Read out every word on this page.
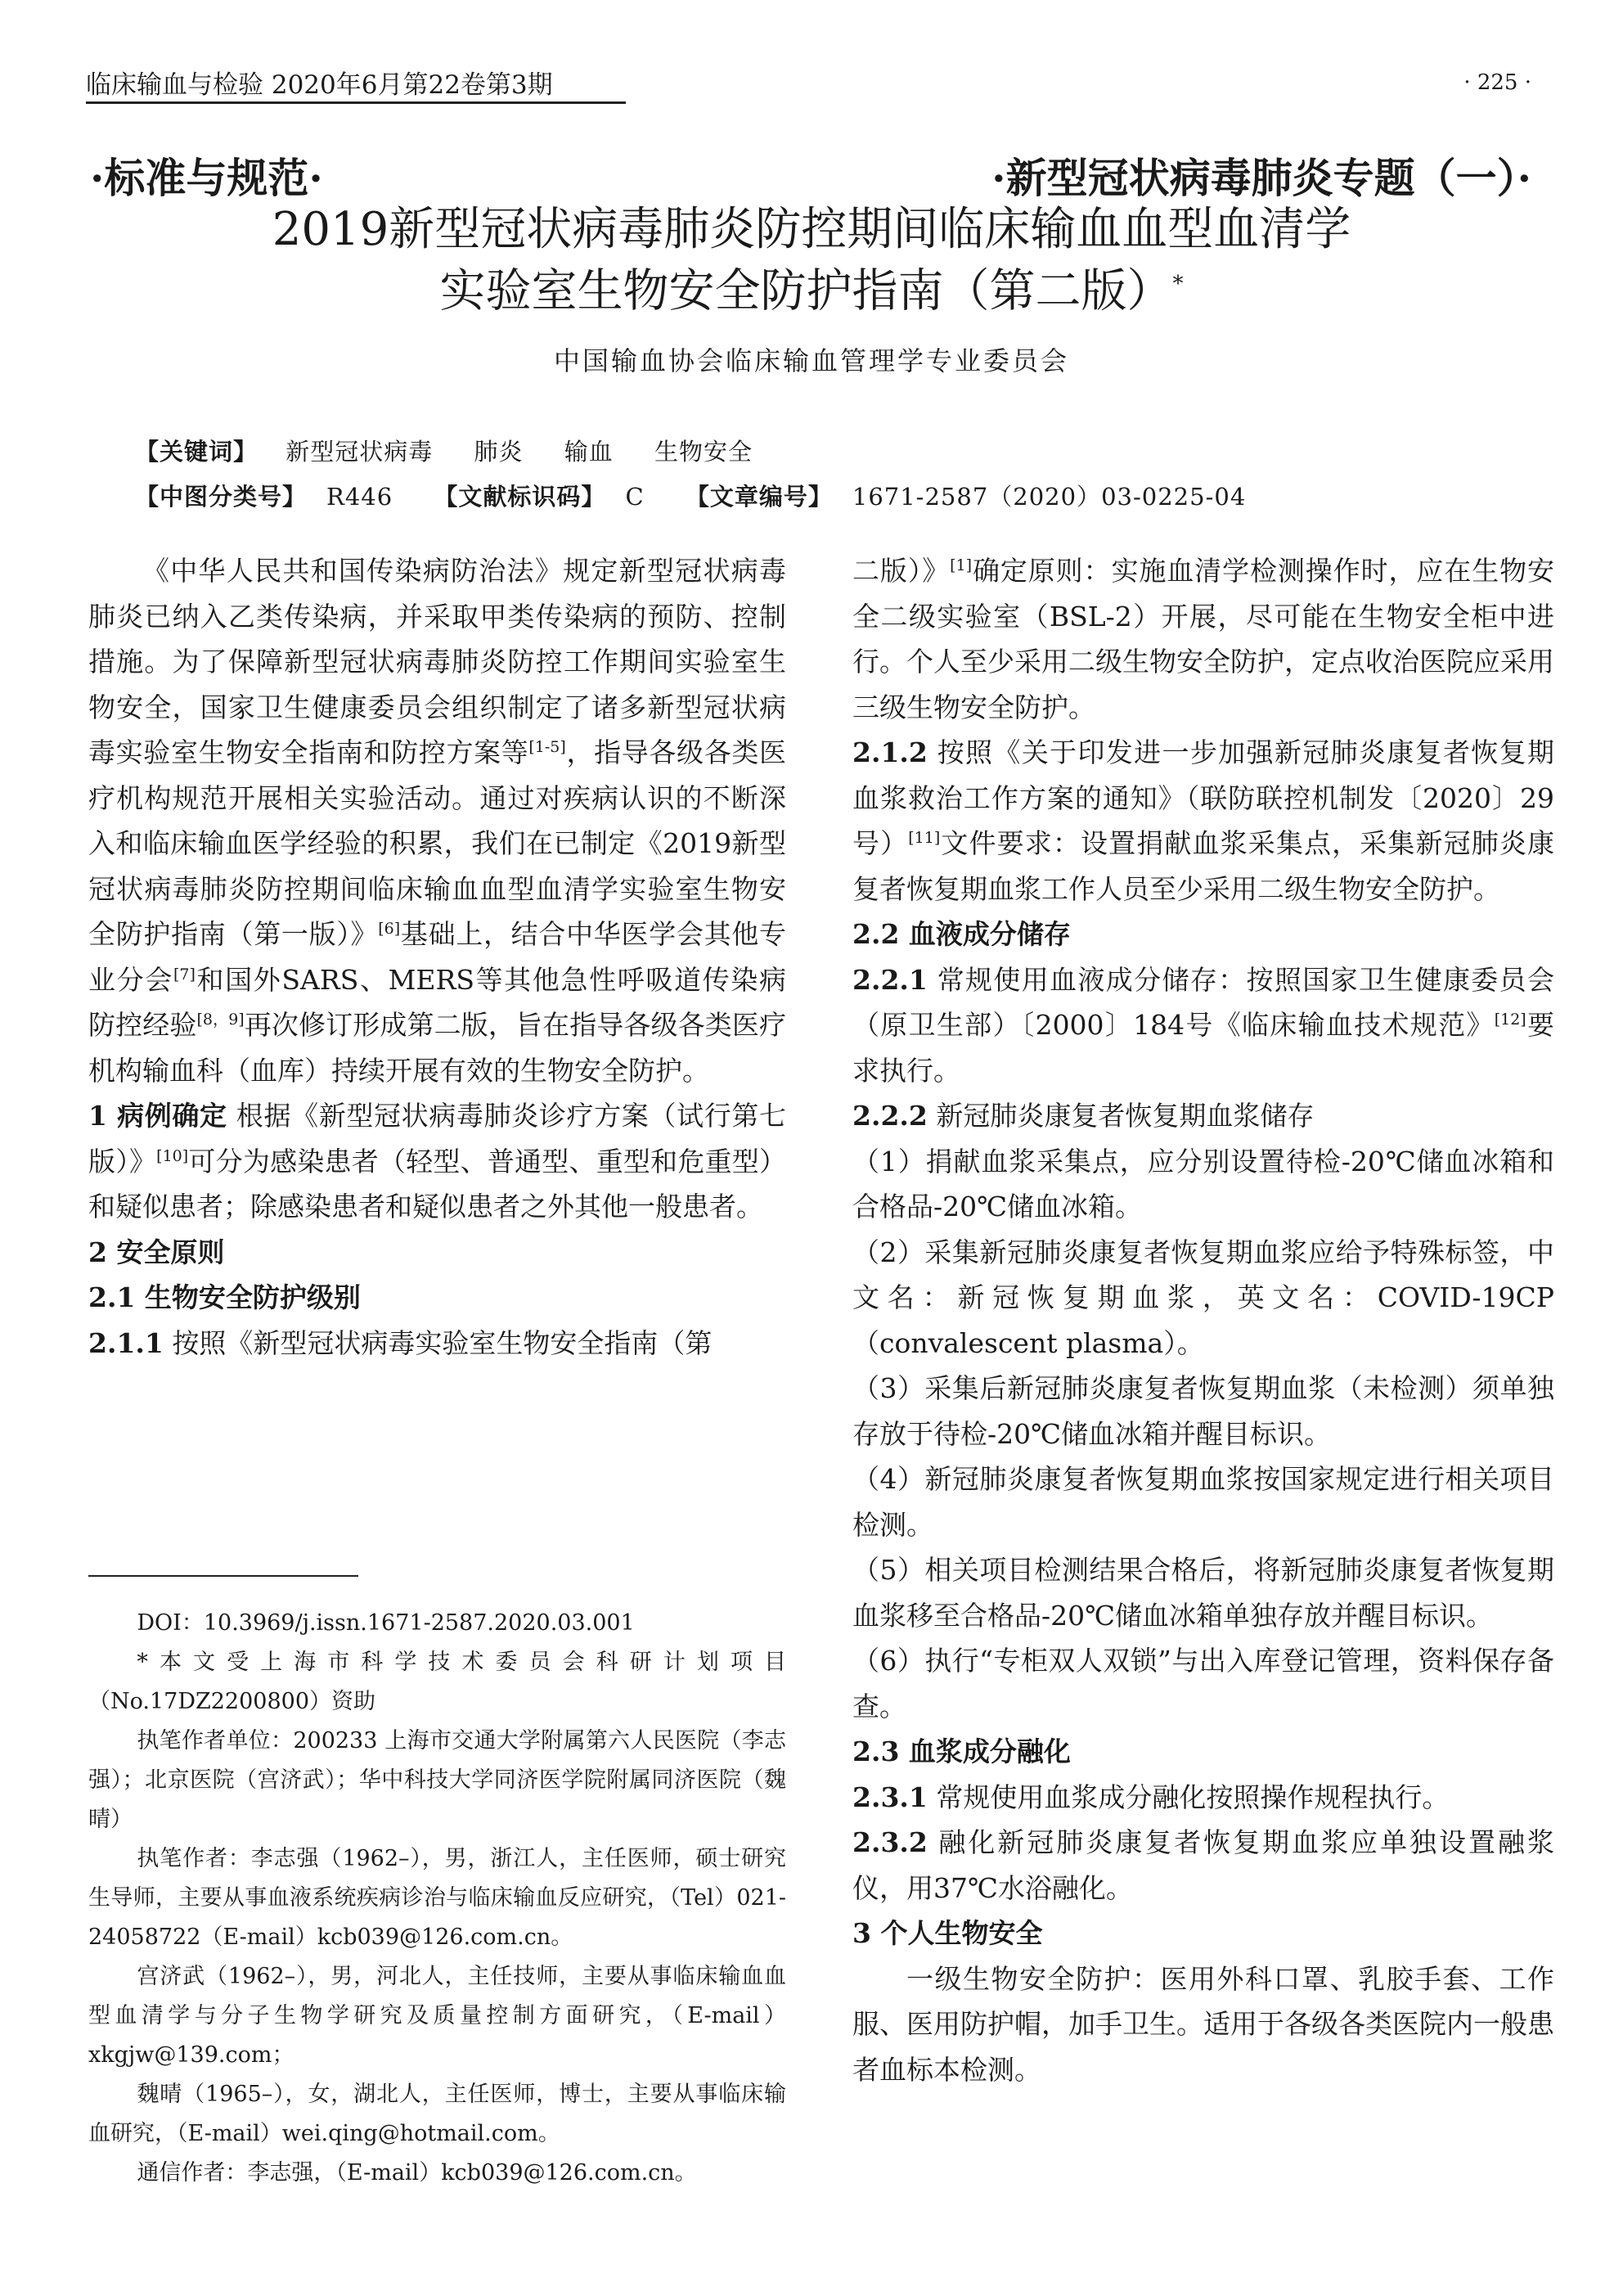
临床输血与检验 2020年6月第22卷第3期	· 225 ·
·标准与规范·	·新型冠状病毒肺炎专题（一）·
2019新型冠状病毒肺炎防控期间临床输血血型血清学
实验室生物安全防护指南（第二版）*
中国输血协会临床输血管理学专业委员会
【关键词】 新型冠状病毒 肺炎 输血 生物安全
【中图分类号】 R446 【文献标识码】 C 【文章编号】 1671-2587（2020）03-0225-04

《中华人民共和国传染病防治法》规定新型冠状病毒肺炎已纳入乙类传染病，并采取甲类传染病的预防、控制措施。为了保障新型冠状病毒肺炎防控工作期间实验室生物安全，国家卫生健康委员会组织制定了诸多新型冠状病毒实验室生物安全指南和防控方案等[1-5]，指导各级各类医疗机构规范开展相关实验活动。通过对疾病认识的不断深入和临床输血医学经验的积累，我们在已制定《2019新型冠状病毒肺炎防控期间临床输血血型血清学实验室生物安全防护指南（第一版）》[6]基础上，结合中华医学会其他专业分会[7]和国外SARS、MERS等其他急性呼吸道传染病防控经验[8，9]再次修订形成第二版，旨在指导各级各类医疗机构输血科（血库）持续开展有效的生物安全防护。

1 病例确定 根据《新型冠状病毒肺炎诊疗方案（试行第七版）》[10]可分为感染患者（轻型、普通型、重型和危重型）和疑似患者；除感染患者和疑似患者之外其他一般患者。

2 安全原则

2.1 生物安全防护级别

2.1.1 按照《新型冠状病毒实验室生物安全指南（第

DOI：10.3969/j.issn.1671-2587.2020.03.001

*本文受上海市科学技术委员会科研计划项目（No.17DZ2200800）资助

执笔作者单位：200233 上海市交通大学附属第六人民医院（李志强）；北京医院（宫济武）；华中科技大学同济医学院附属同济医院（魏晴）

执笔作者：李志强（1962–），男，浙江人，主任医师，硕士研究生导师，主要从事血液系统疾病诊治与临床输血反应研究，（Tel）021-24058722（E-mail）kcb039@126.com.cn。

宫济武（1962–），男，河北人，主任技师，主要从事临床输血血型血清学与分子生物学研究及质量控制方面研究，（E-mail）xkgjw@139.com；

魏晴（1965–），女，湖北人，主任医师，博士，主要从事临床输血研究，（E-mail）wei.qing@hotmail.com。

通信作者：李志强，（E-mail）kcb039@126.com.cn。

二版）》[1]确定原则：实施血清学检测操作时，应在生物安全二级实验室（BSL-2）开展，尽可能在生物安全柜中进行。个人至少采用二级生物安全防护，定点收治医院应采用三级生物安全防护。

2.1.2 按照《关于印发进一步加强新冠肺炎康复者恢复期血浆救治工作方案的通知》（联防联控机制发〔2020〕29号）[11]文件要求：设置捐献血浆采集点，采集新冠肺炎康复者恢复期血浆工作人员至少采用二级生物安全防护。

2.2 血液成分储存

2.2.1 常规使用血液成分储存：按照国家卫生健康委员会（原卫生部）〔2000〕184号《临床输血技术规范》[12]要求执行。

2.2.2 新冠肺炎康复者恢复期血浆储存

（1）捐献血浆采集点，应分别设置待检-20℃储血冰箱和合格品-20℃储血冰箱。

（2）采集新冠肺炎康复者恢复期血浆应给予特殊标签，中文名：新冠恢复期血浆，英文名：COVID-19CP（convalescent plasma）。

（3）采集后新冠肺炎康复者恢复期血浆（未检测）须单独存放于待检-20℃储血冰箱并醒目标识。

（4）新冠肺炎康复者恢复期血浆按国家规定进行相关项目检测。

（5）相关项目检测结果合格后，将新冠肺炎康复者恢复期血浆移至合格品-20℃储血冰箱单独存放并醒目标识。

（6）执行“专柜双人双锁”与出入库登记管理，资料保存备查。

2.3 血浆成分融化

2.3.1 常规使用血浆成分融化按照操作规程执行。

2.3.2 融化新冠肺炎康复者恢复期血浆应单独设置融浆仪，用37℃水浴融化。

3 个人生物安全

一级生物安全防护：医用外科口罩、乳胶手套、工作服、医用防护帽，加手卫生。适用于各级各类医院内一般患者血标本检测。
